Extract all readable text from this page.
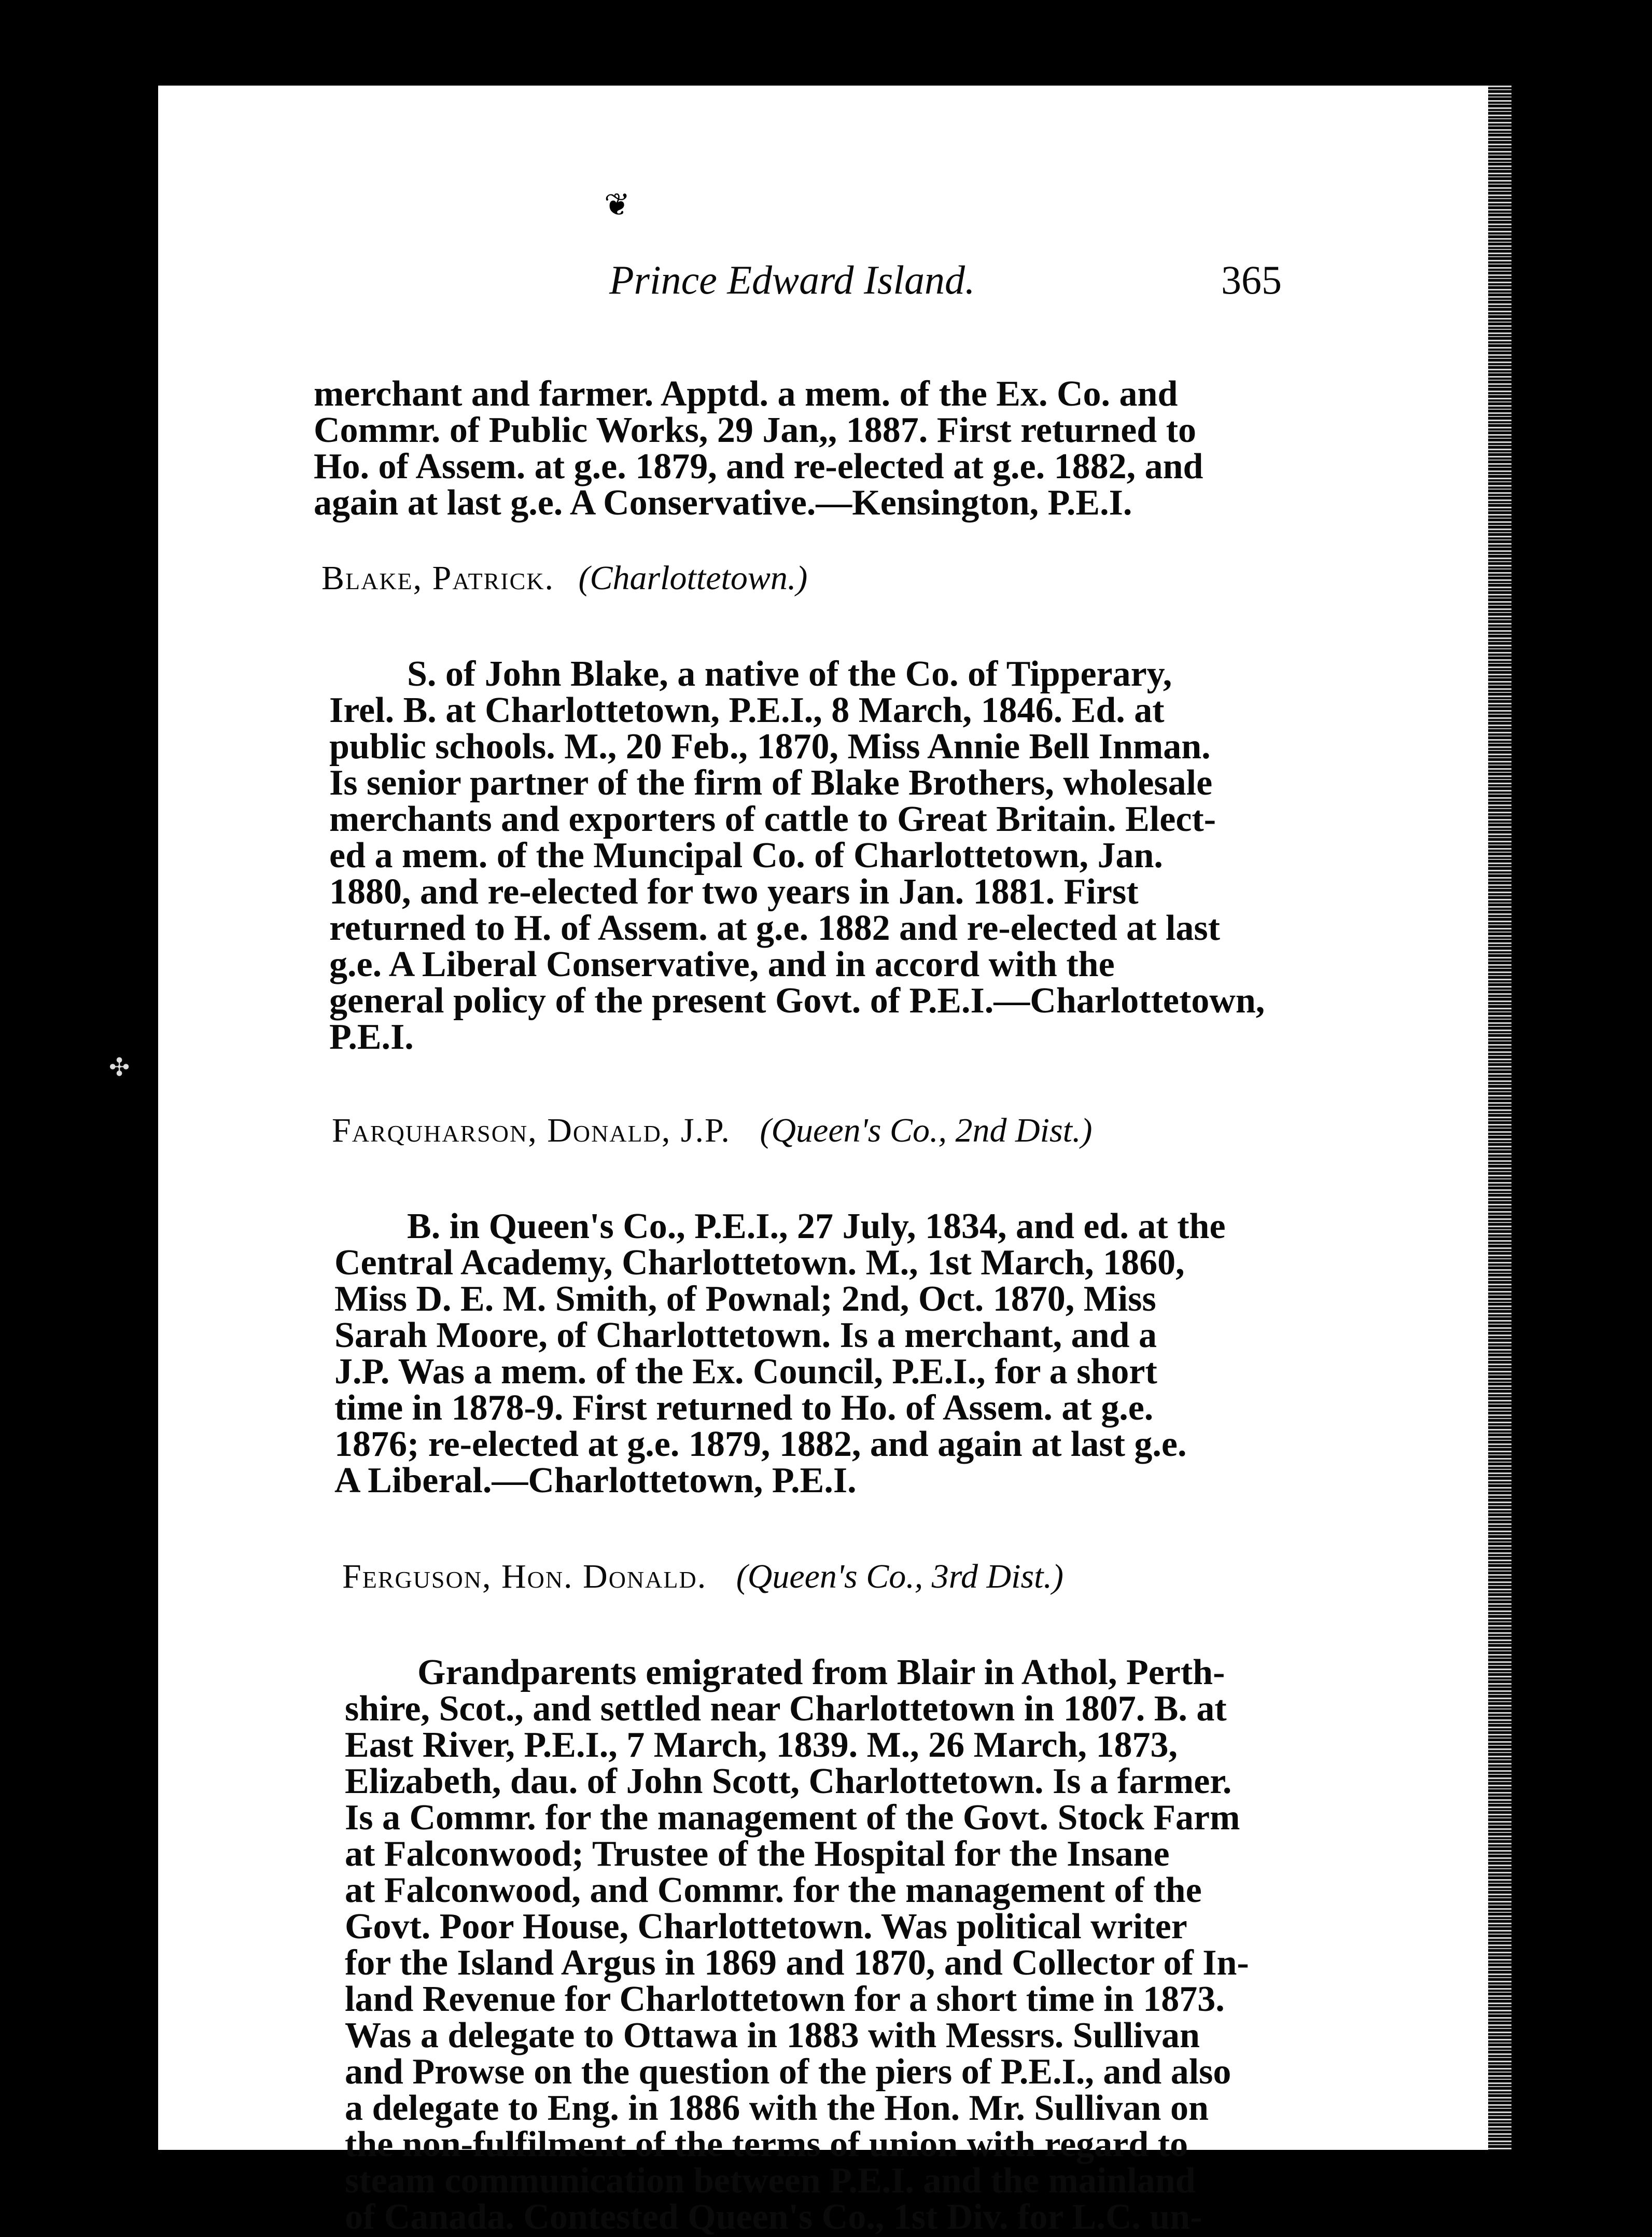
❦
Prince Edward Island.	365
merchant and farmer. Apptd. a mem. of the Ex. Co. and
Commr. of Public Works, 29 Jan,, 1887. First returned to
Ho. of Assem. at g.e. 1879, and re-elected at g.e. 1882, and
again at last g.e. A Conservative.—Kensington, P.E.I.
Blake, Patrick. (Charlottetown.)
S. of John Blake, a native of the Co. of Tipperary,
Irel. B. at Charlottetown, P.E.I., 8 March, 1846. Ed. at
public schools. M., 20 Feb., 1870, Miss Annie Bell Inman.
Is senior partner of the firm of Blake Brothers, wholesale
merchants and exporters of cattle to Great Britain. Elect-
ed a mem. of the Muncipal Co. of Charlottetown, Jan.
1880, and re-elected for two years in Jan. 1881. First
returned to H. of Assem. at g.e. 1882 and re-elected at last
g.e. A Liberal Conservative, and in accord with the
general policy of the present Govt. of P.E.I.—Charlottetown,
P.E.I.
Farquharson, Donald, J.P. (Queen's Co., 2nd Dist.)
B. in Queen's Co., P.E.I., 27 July, 1834, and ed. at the
Central Academy, Charlottetown. M., 1st March, 1860,
Miss D. E. M. Smith, of Pownal; 2nd, Oct. 1870, Miss
Sarah Moore, of Charlottetown. Is a merchant, and a
J.P. Was a mem. of the Ex. Council, P.E.I., for a short
time in 1878-9. First returned to Ho. of Assem. at g.e.
1876; re-elected at g.e. 1879, 1882, and again at last g.e.
A Liberal.—Charlottetown, P.E.I.
Ferguson, Hon. Donald. (Queen's Co., 3rd Dist.)
Grandparents emigrated from Blair in Athol, Perth-
shire, Scot., and settled near Charlottetown in 1807. B. at
East River, P.E.I., 7 March, 1839. M., 26 March, 1873,
Elizabeth, dau. of John Scott, Charlottetown. Is a farmer.
Is a Commr. for the management of the Govt. Stock Farm
at Falconwood; Trustee of the Hospital for the Insane
at Falconwood, and Commr. for the management of the
Govt. Poor House, Charlottetown. Was political writer
for the Island Argus in 1869 and 1870, and Collector of In-
land Revenue for Charlottetown for a short time in 1873.
Was a delegate to Ottawa in 1883 with Messrs. Sullivan
and Prowse on the question of the piers of P.E.I., and also
a delegate to Eng. in 1886 with the Hon. Mr. Sullivan on
the non-fulfilment of the terms of union with regard to
steam communication between P.E.I. and the mainland
of Canada. Contested Queen's Co., 1st Div. for L.C. un-
✣
